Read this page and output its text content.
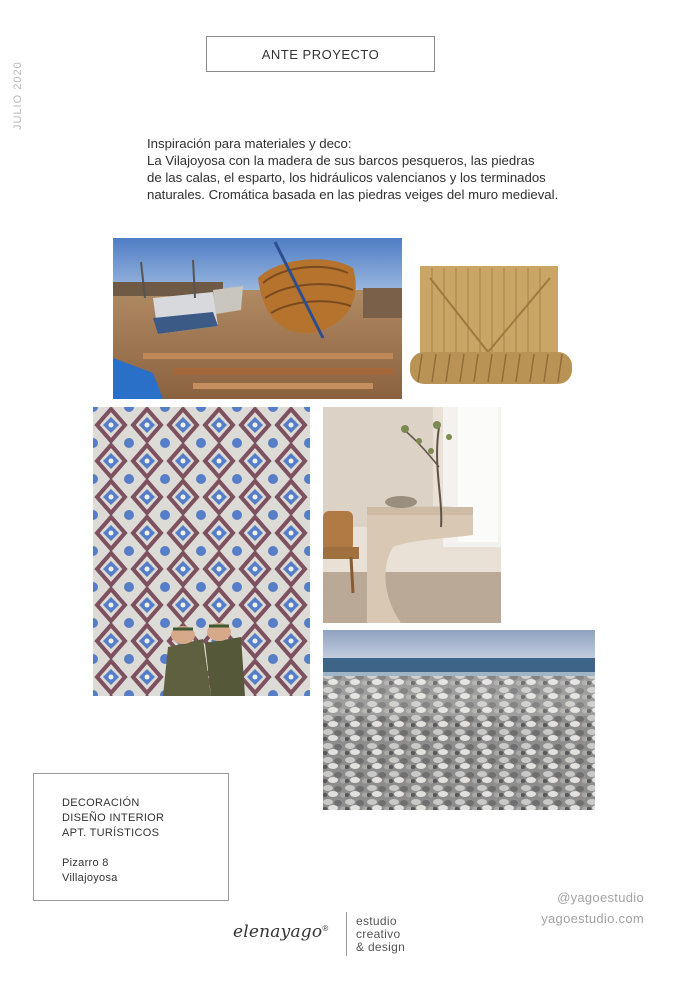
JULIO 2020
ANTE PROYECTO
Inspiración para materiales y deco:
La Vilajoyosa con la madera de sus barcos pesqueros, las piedras
de las calas, el esparto, los hidráulicos valencianos y los terminados
naturales. Cromática basada en las piedras veiges del muro medieval.
DECORACIÓN
DISEÑO INTERIOR
APT. TURÍSTICOS
Pizarro 8
Villajoyosa
@yagoestudio
yagoestudio.com
elenayago®
estudio
creativo
& design
